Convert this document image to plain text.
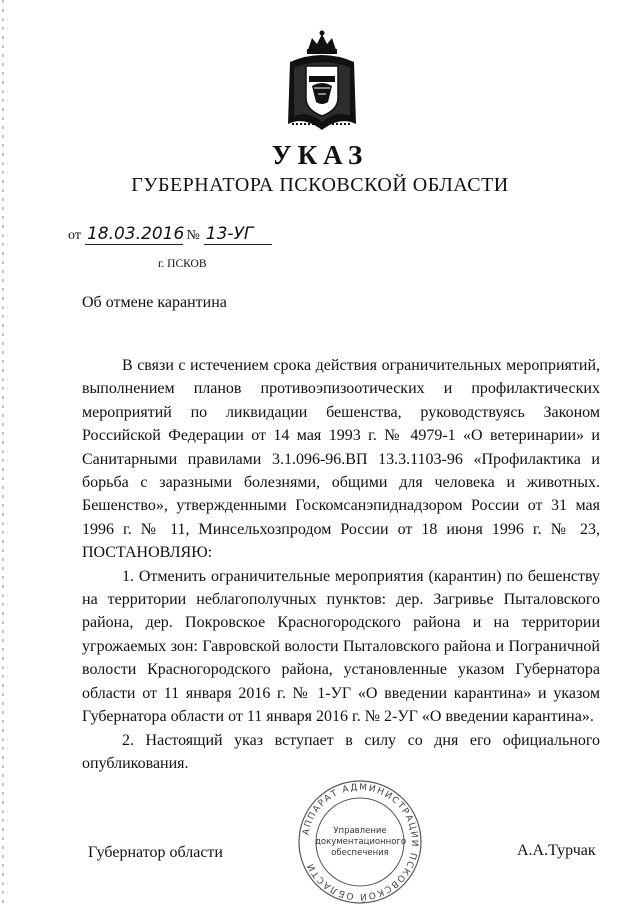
УКАЗ
ГУБЕРНАТОРА ПСКОВСКОЙ ОБЛАСТИ
от 18.03.2016 № 13-УГ
г. ПСКОВ
Об отмене карантина

В связи с истечением срока действия ограничительных мероприятий, выполнением планов противоэпизоотических и профилактических мероприятий по ликвидации бешенства, руководствуясь Законом Российской Федерации от 14 мая 1993 г. № 4979-1 «О ветеринарии» и Санитарными правилами 3.1.096-96.ВП 13.3.1103-96 «Профилактика и борьба с заразными болезнями, общими для человека и животных. Бешенство», утвержденными Госкомсанэпиднадзором России от 31 мая 1996 г. № 11, Минсельхозпродом России от 18 июня 1996 г. № 23, ПОСТАНОВЛЯЮ:

1. Отменить ограничительные мероприятия (карантин) по бешенству на территории неблагополучных пунктов: дер. Загривье Пыталовского района, дер. Покровское Красногородского района и на территории угрожаемых зон: Гавровской волости Пыталовского района и Пограничной волости Красногородского района, установленные указом Губернатора области от 11 января 2016 г. № 1-УГ «О введении карантина» и указом Губернатора области от 11 января 2016 г. № 2-УГ «О введении карантина».

2. Настоящий указ вступает в силу со дня его официального опубликования.

АППАРАТ АДМИНИСТРАЦИИ ПСКОВСКОЙ ОБЛАСТИ
Управление
документационного
обеспечения
Губернатор области	А.А.Турчак
